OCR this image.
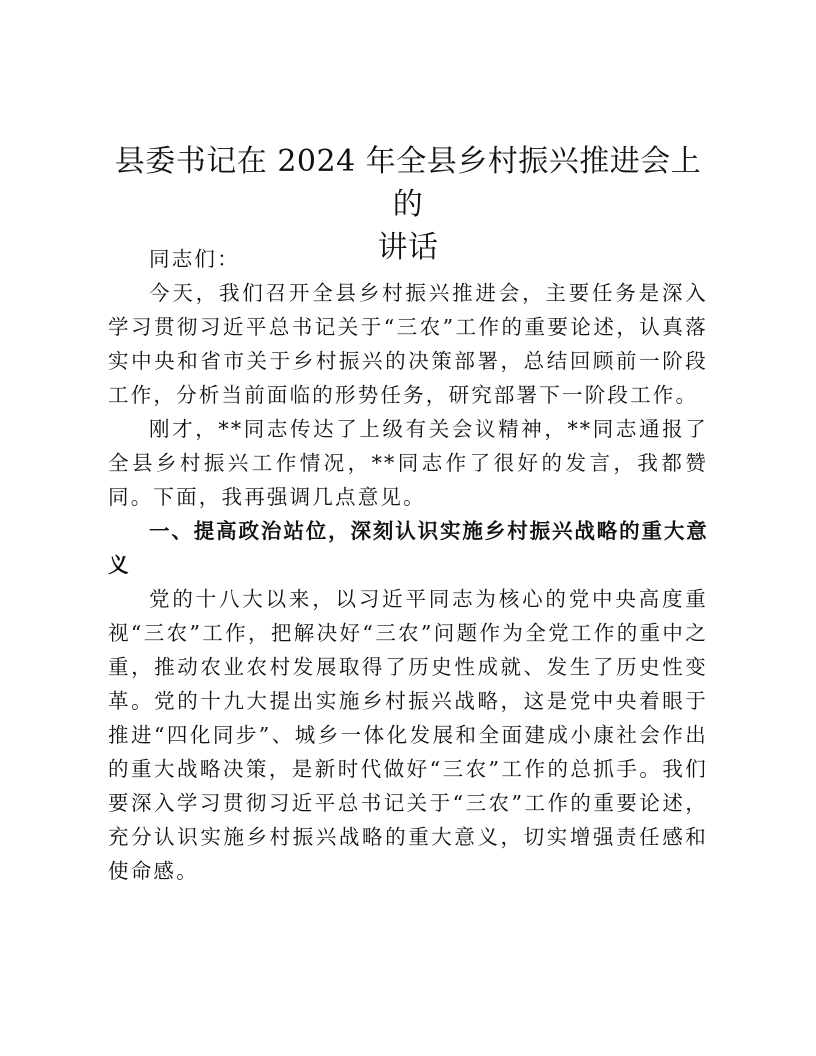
县委书记在 2024 年全县乡村振兴推进会上的
讲话

同志们：

今天，我们召开全县乡村振兴推进会，主要任务是深入学习贯彻习近平总书记关于“三农”工作的重要论述，认真落实中央和省市关于乡村振兴的决策部署，总结回顾前一阶段工作，分析当前面临的形势任务，研究部署下一阶段工作。

刚才，**同志传达了上级有关会议精神，**同志通报了全县乡村振兴工作情况，**同志作了很好的发言，我都赞同。下面，我再强调几点意见。

一、提高政治站位，深刻认识实施乡村振兴战略的重大意义

党的十八大以来，以习近平同志为核心的党中央高度重视“三农”工作，把解决好“三农”问题作为全党工作的重中之重，推动农业农村发展取得了历史性成就、发生了历史性变革。党的十九大提出实施乡村振兴战略，这是党中央着眼于推进“四化同步”、城乡一体化发展和全面建成小康社会作出的重大战略决策，是新时代做好“三农”工作的总抓手。我们要深入学习贯彻习近平总书记关于“三农”工作的重要论述，充分认识实施乡村振兴战略的重大意义，切实增强责任感和使命感。
